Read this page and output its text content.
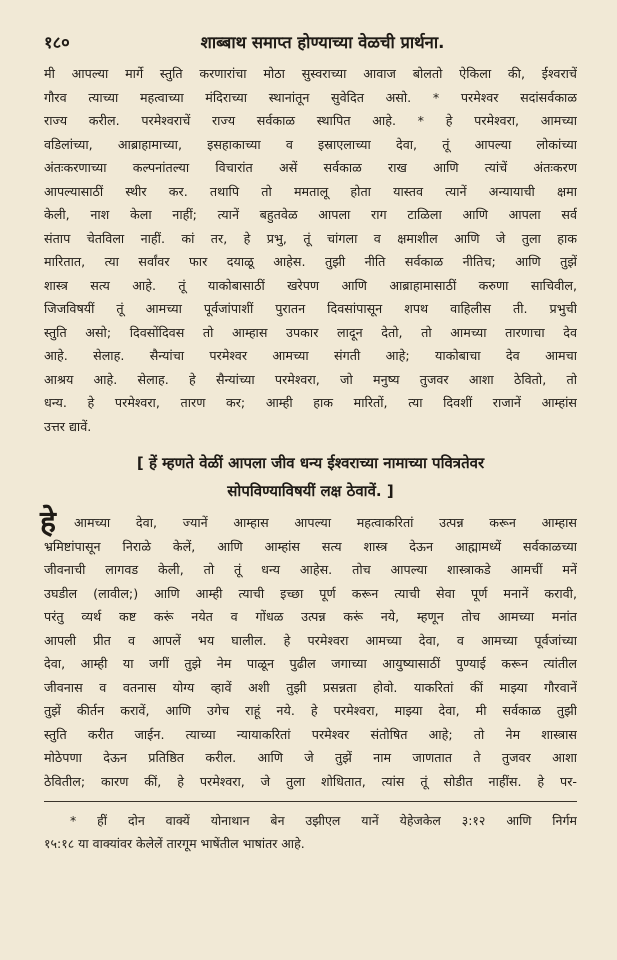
१८०	शाब्बाथ समाप्त होण्याच्या वेळची प्रार्थना.
मी आपल्या मार्गे स्तुति करणारांचा मोठा सुस्वराच्या आवाज बोलतो ऐकिला की, ईश्वराचें
गौरव त्याच्या महत्वाच्या मंदिराच्या स्थानांतून सुवेदित असो. * परमेश्वर सदांसर्वकाळ
राज्य करील. परमेश्वराचें राज्य सर्वकाळ स्थापित आहे. * हे परमेश्वरा, आमच्या
वडिलांच्या, आब्राहामाच्या, इसहाकाच्या व इस्राएलाच्या देवा, तूं आपल्या लोकांच्या
अंतःकरणाच्या कल्पनांतल्या विचारांत असें सर्वकाळ राख आणि त्यांचें अंतःकरण
आपल्यासाठीं स्थीर कर. तथापि तो ममतालू होता यास्तव त्यानें अन्यायाची क्षमा
केली, नाश केला नाहीं; त्यानें बहुतवेळ आपला राग टाळिला आणि आपला सर्व
संताप चेतविला नाहीं. कां तर, हे प्रभु, तूं चांगला व क्षमाशील आणि जे तुला हाक
मारितात, त्या सर्वांवर फार दयाळू आहेस. तुझी नीति सर्वकाळ नीतिच; आणि तुझें
शास्त्र सत्य आहे. तूं याकोबासाठीं खरेपण आणि आब्राहामासाठीं करुणा साचिवील,
जिजविषयीं तूं आमच्या पूर्वजांपाशीं पुरातन दिवसांपासून शपथ वाहिलीस ती. प्रभुची
स्तुति असो; दिवसोंदिवस तो आम्हास उपकार लादून देतो, तो आमच्या तारणाचा देव
आहे. सेलाह. सैन्यांचा परमेश्वर आमच्या संगती आहे; याकोबाचा देव आमचा
आश्रय आहे. सेलाह. हे सैन्यांच्या परमेश्वरा, जो मनुष्य तुजवर आशा ठेवितो, तो
धन्य. हे परमेश्वरा, तारण कर; आम्ही हाक मारितों, त्या दिवशीं राजानें आम्हांस
उत्तर द्यावें.
[ हें म्हणते वेळीं आपला जीव धन्य ईश्वराच्या नामाच्या पवित्रतेवर
सोपविण्याविषयीं लक्ष ठेवावें. ]
हे	आमच्या देवा, ज्यानें आम्हास आपल्या महत्वाकरितां उत्पन्न करून आम्हास
भ्रमिष्टांपासून निराळे केलें, आणि आम्हांस सत्य शास्त्र देऊन आह्मामध्यें सर्वकाळच्या
जीवनाची लागवड केली, तो तूं धन्य आहेस. तोच आपल्या शास्त्राकडे आमचीं मनें
उघडील (लावील;) आणि आम्ही त्याची इच्छा पूर्ण करून त्याची सेवा पूर्ण मनानें करावी,
परंतु व्यर्थ कष्ट करूं नयेत व गोंधळ उत्पन्न करूं नये, म्हणून तोच आमच्या मनांत
आपली प्रीत व आपलें भय घालील. हे परमेश्वरा आमच्या देवा, व आमच्या पूर्वजांच्या
देवा, आम्ही या जगीं तुझे नेम पाळून पुढील जगाच्या आयुष्यासाठीं पुण्याई करून त्यांतील
जीवनास व वतनास योग्य व्हावें अशी तुझी प्रसन्नता होवो. याकरितां कीं माझ्या गौरवानें
तुझें कीर्तन करावें, आणि उगेच राहूं नये. हे परमेश्वरा, माझ्या देवा, मी सर्वकाळ तुझी
स्तुति करीत जाईन. त्याच्या न्यायाकरितां परमेश्वर संतोषित आहे; तो नेम शास्त्रास
मोठेपणा देऊन प्रतिष्ठित करील. आणि जे तुझें नाम जाणतात ते तुजवर आशा
ठेवितील; कारण कीं, हे परमेश्वरा, जे तुला शोधितात, त्यांस तूं सोडीत नाहींस. हे पर-
* हीं दोन वाक्यें योनाथान बेन उझीएल यानें येहेजकेल ३:१२ आणि निर्गम
१५:१८ या वाक्यांवर केलेलें तारगूम भाषेंतील भाषांतर आहे.
